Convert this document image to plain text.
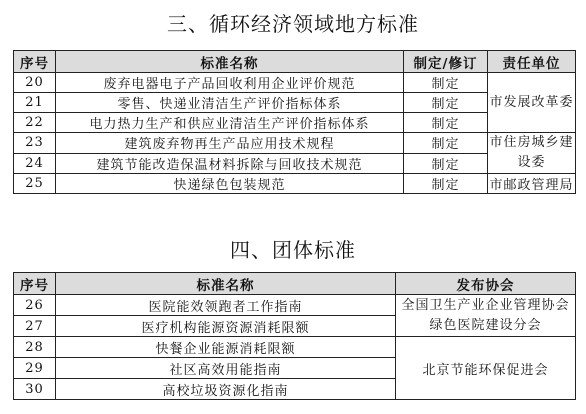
三、循环经济领域地方标准
序号	标准名称	制定/修订	责任单位
20	废弃电器电子产品回收利用企业评价规范	制定	市发展改革委
21	零售、快递业清洁生产评价指标体系	制定	
22	电力热力生产和供应业清洁生产评价指标体系	制定	
23	建筑废弃物再生产品应用技术规程	制定	市住房城乡建设委
24	建筑节能改造保温材料拆除与回收技术规范	制定	
25	快递绿色包装规范	制定	市邮政管理局
四、团体标准
序号	标准名称	发布协会
26	医院能效领跑者工作指南	全国卫生产业企业管理协会绿色医院建设分会
27	医疗机构能源资源消耗限额	
28	快餐企业能源消耗限额	北京节能环保促进会
29	社区高效用能指南	
30	高校垃圾资源化指南	
